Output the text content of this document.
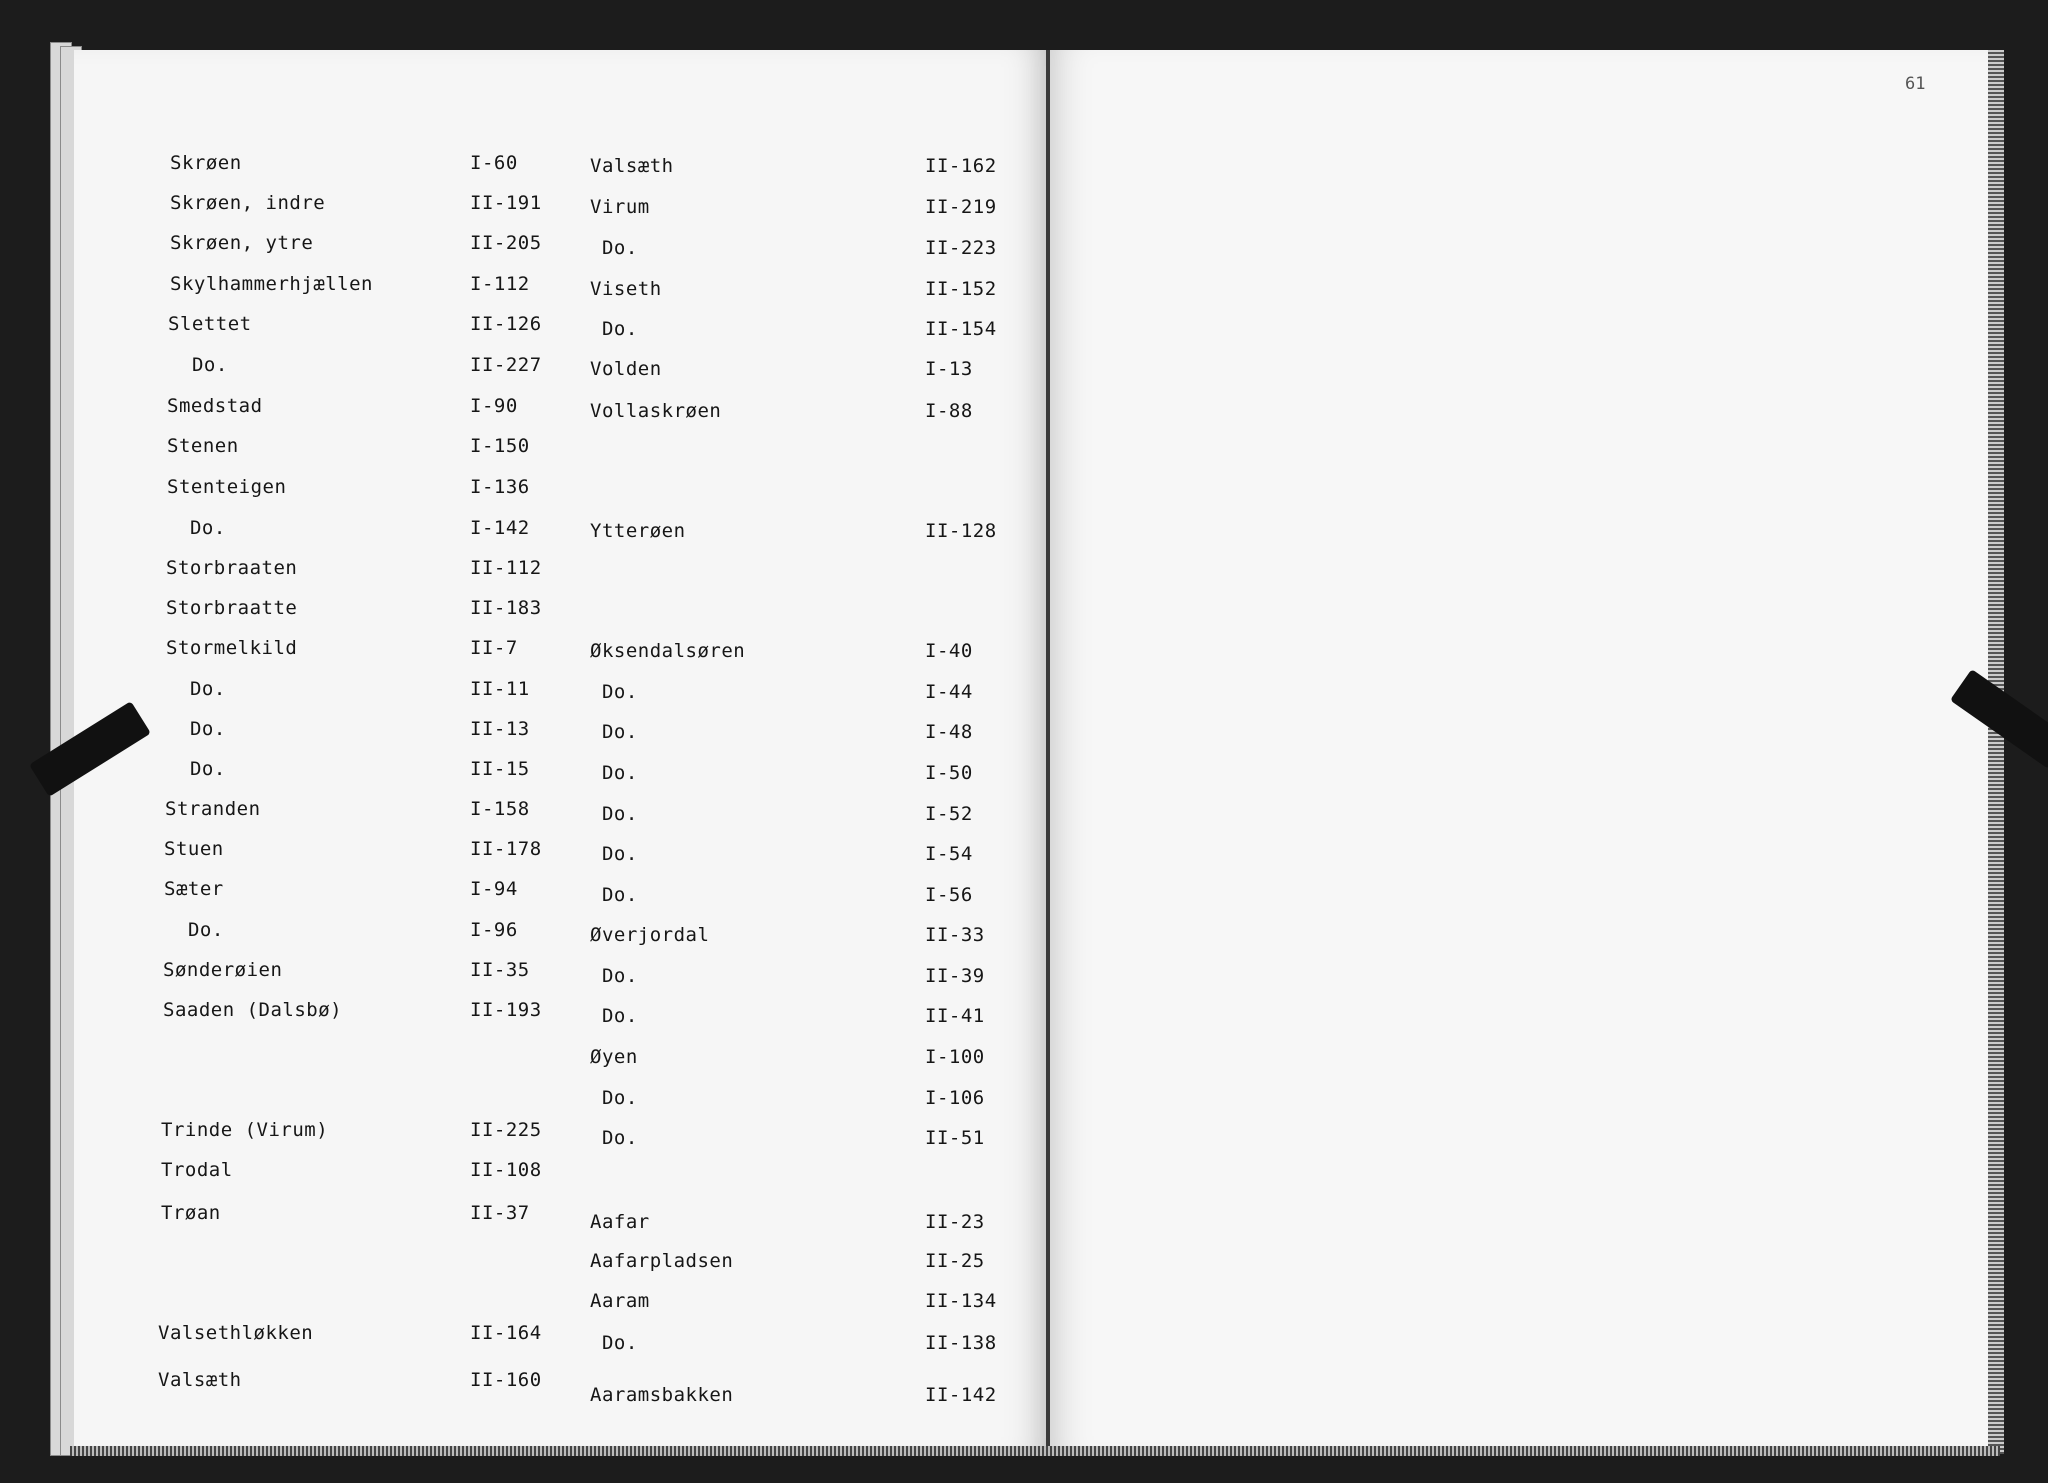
61
Skrøen	I-60
Skrøen, indre	II-191
Skrøen, ytre	II-205
Skylhammerhjællen	I-112
Slettet	II-126
Do.	II-227
Smedstad	I-90
Stenen	I-150
Stenteigen	I-136
Do.	I-142
Storbraaten	II-112
Storbraatte	II-183
Stormelkild	II-7
Do.	II-11
Do.	II-13
Do.	II-15
Stranden	I-158
Stuen	II-178
Sæter	I-94
Do.	I-96
Sønderøien	II-35
Saaden (Dalsbø)	II-193
Trinde (Virum)	II-225
Trodal	II-108
Trøan	II-37
Valsethløkken	II-164
Valsæth	II-160
Valsæth	II-162
Virum	II-219
Do.	II-223
Viseth	II-152
Do.	II-154
Volden	I-13
Vollaskrøen	I-88
Ytterøen	II-128
Øksendalsøren	I-40
Do.	I-44
Do.	I-48
Do.	I-50
Do.	I-52
Do.	I-54
Do.	I-56
Øverjordal	II-33
Do.	II-39
Do.	II-41
Øyen	I-100
Do.	I-106
Do.	II-51
Aafar	II-23
Aafarpladsen	II-25
Aaram	II-134
Do.	II-138
Aaramsbakken	II-142
